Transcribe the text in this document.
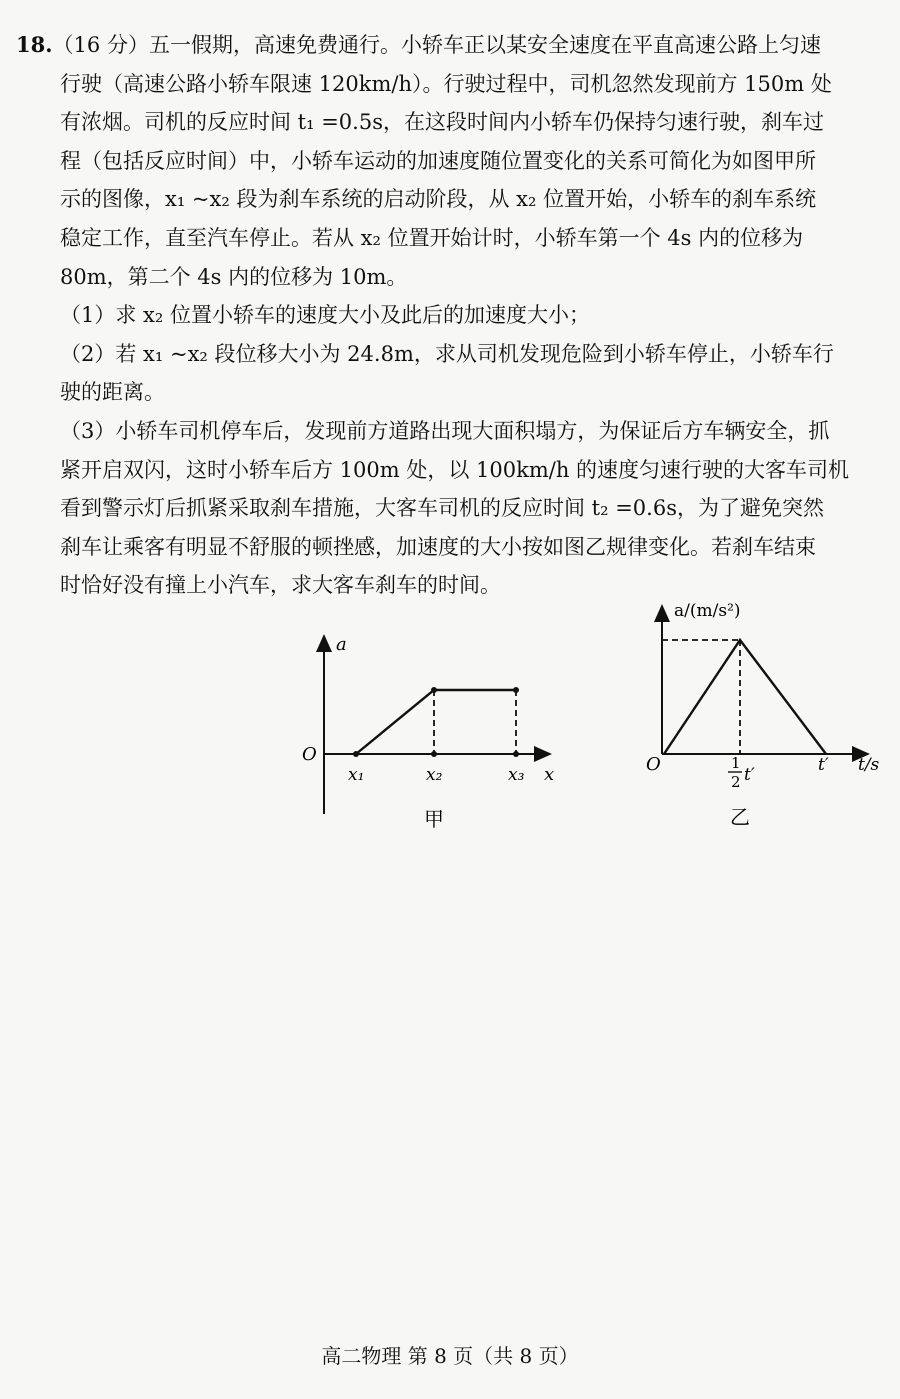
18.（16 分）五一假期，高速免费通行。小轿车正以某安全速度在平直高速公路上匀速

行驶（高速公路小轿车限速 120km/h）。行驶过程中，司机忽然发现前方 150m 处

有浓烟。司机的反应时间 t₁ =0.5s，在这段时间内小轿车仍保持匀速行驶，刹车过

程（包括反应时间）中，小轿车运动的加速度随位置变化的关系可简化为如图甲所

示的图像，x₁ ~x₂ 段为刹车系统的启动阶段，从 x₂ 位置开始，小轿车的刹车系统

稳定工作，直至汽车停止。若从 x₂ 位置开始计时，小轿车第一个 4s 内的位移为

80m，第二个 4s 内的位移为 10m。

（1）求 x₂ 位置小轿车的速度大小及此后的加速度大小；

（2）若 x₁ ~x₂ 段位移大小为 24.8m，求从司机发现危险到小轿车停止，小轿车行

驶的距离。

（3）小轿车司机停车后，发现前方道路出现大面积塌方，为保证后方车辆安全，抓

紧开启双闪，这时小轿车后方 100m 处，以 100km/h 的速度匀速行驶的大客车司机

看到警示灯后抓紧采取刹车措施，大客车司机的反应时间 t₂ =0.6s，为了避免突然

刹车让乘客有明显不舒服的顿挫感，加速度的大小按如图乙规律变化。若刹车结束

时恰好没有撞上小汽车，求大客车刹车的时间。

a
O
x
x₁	x₂	x₃
甲
a/(m/s²)
O	t/s
1
2 t′	t′
乙
高二物理 第 8 页（共 8 页）
